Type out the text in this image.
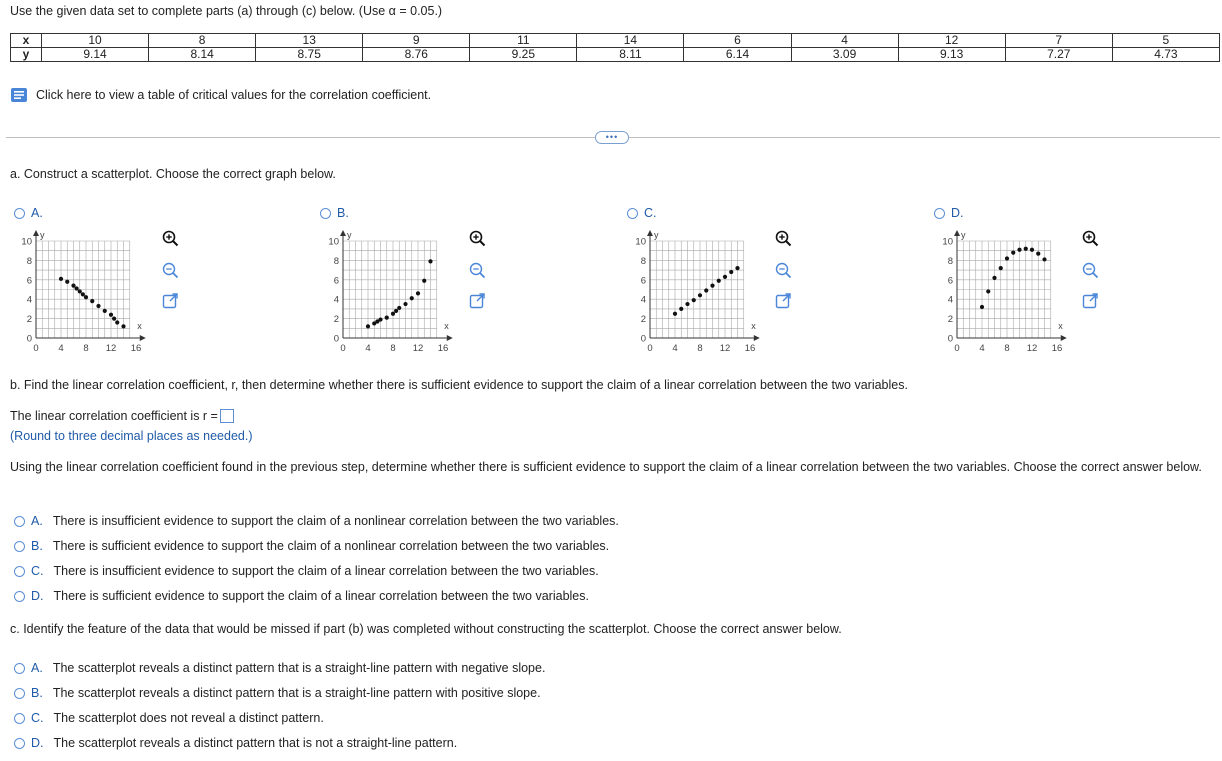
Use the given data set to complete parts (a) through (c) below. (Use α = 0.05.)
x	10	8	13	9	11	14	6	4	12	7	5
y	9.14	8.14	8.75	8.76	9.25	8.11	6.14	3.09	9.13	7.27	4.73
Click here to view a table of critical values for the correlation coefficient.
•••
a. Construct a scatterplot. Choose the correct graph below.
A.	B.	C.	D.
x
y
0 4 8 12 16
0
2
4
6
8
10
x
y
0 4 8 12 16
0
2
4
6
8
10
x
y
0 4 8 12 16
0
2
4
6
8
10
x
y
0 4 8 12 16
0
2
4
6
8
10

b. Find the linear correlation coefficient, r, then determine whether there is sufficient evidence to support the claim of a linear correlation between the two variables.
The linear correlation coefficient is r =
(Round to three decimal places as needed.)
Using the linear correlation coefficient found in the previous step, determine whether there is sufficient evidence to support the claim of a linear correlation between the two variables. Choose the correct answer below.
A. There is insufficient evidence to support the claim of a nonlinear correlation between the two variables.
B. There is sufficient evidence to support the claim of a nonlinear correlation between the two variables.
C. There is insufficient evidence to support the claim of a linear correlation between the two variables.
D. There is sufficient evidence to support the claim of a linear correlation between the two variables.
c. Identify the feature of the data that would be missed if part (b) was completed without constructing the scatterplot. Choose the correct answer below.
A. The scatterplot reveals a distinct pattern that is a straight-line pattern with negative slope.
B. The scatterplot reveals a distinct pattern that is a straight-line pattern with positive slope.
C. The scatterplot does not reveal a distinct pattern.
D. The scatterplot reveals a distinct pattern that is not a straight-line pattern.
